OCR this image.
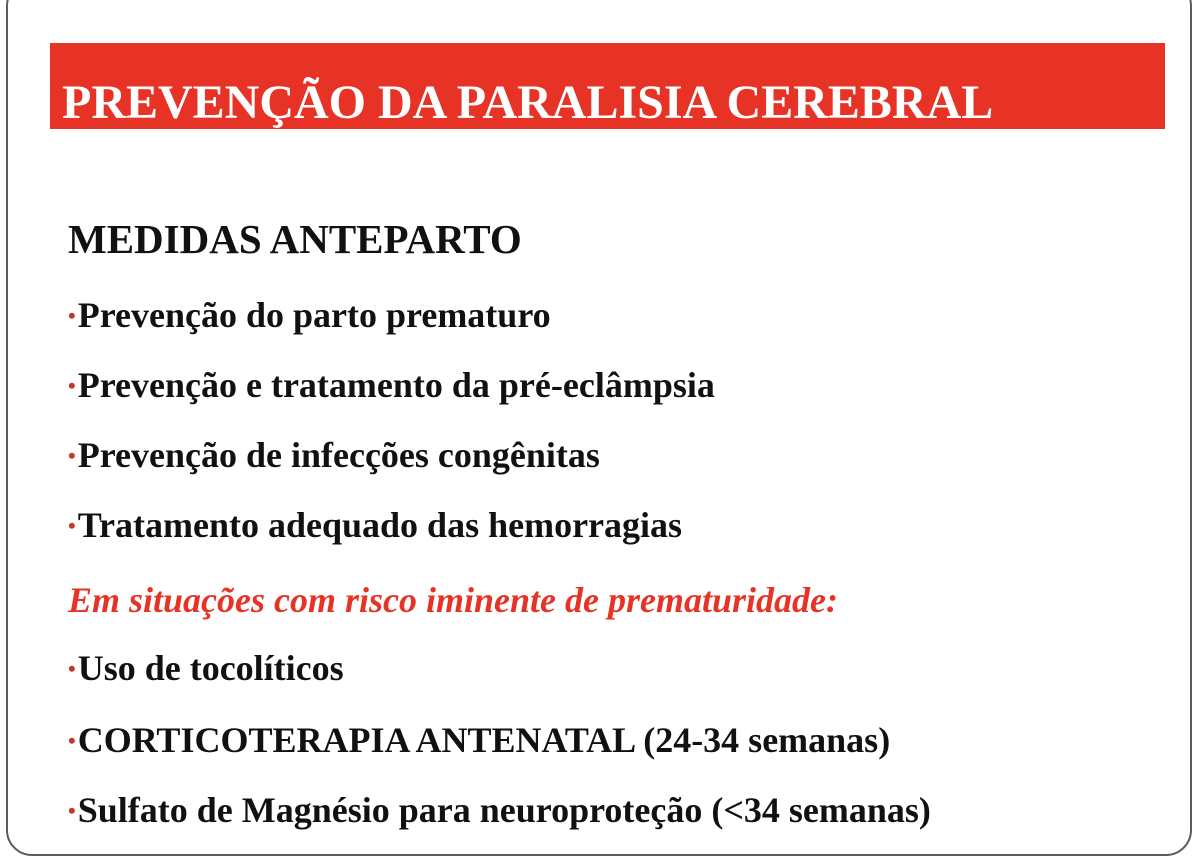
PREVENÇÃO DA PARALISIA CEREBRAL
MEDIDAS ANTEPARTO
•Prevenção do parto prematuro
•Prevenção e tratamento da pré-eclâmpsia
•Prevenção de infecções congênitas
•Tratamento adequado das hemorragias
Em situações com risco iminente de prematuridade:
•Uso de tocolíticos
•CORTICOTERAPIA ANTENATAL (24-34 semanas)
•Sulfato de Magnésio para neuroproteção (<34 semanas)
